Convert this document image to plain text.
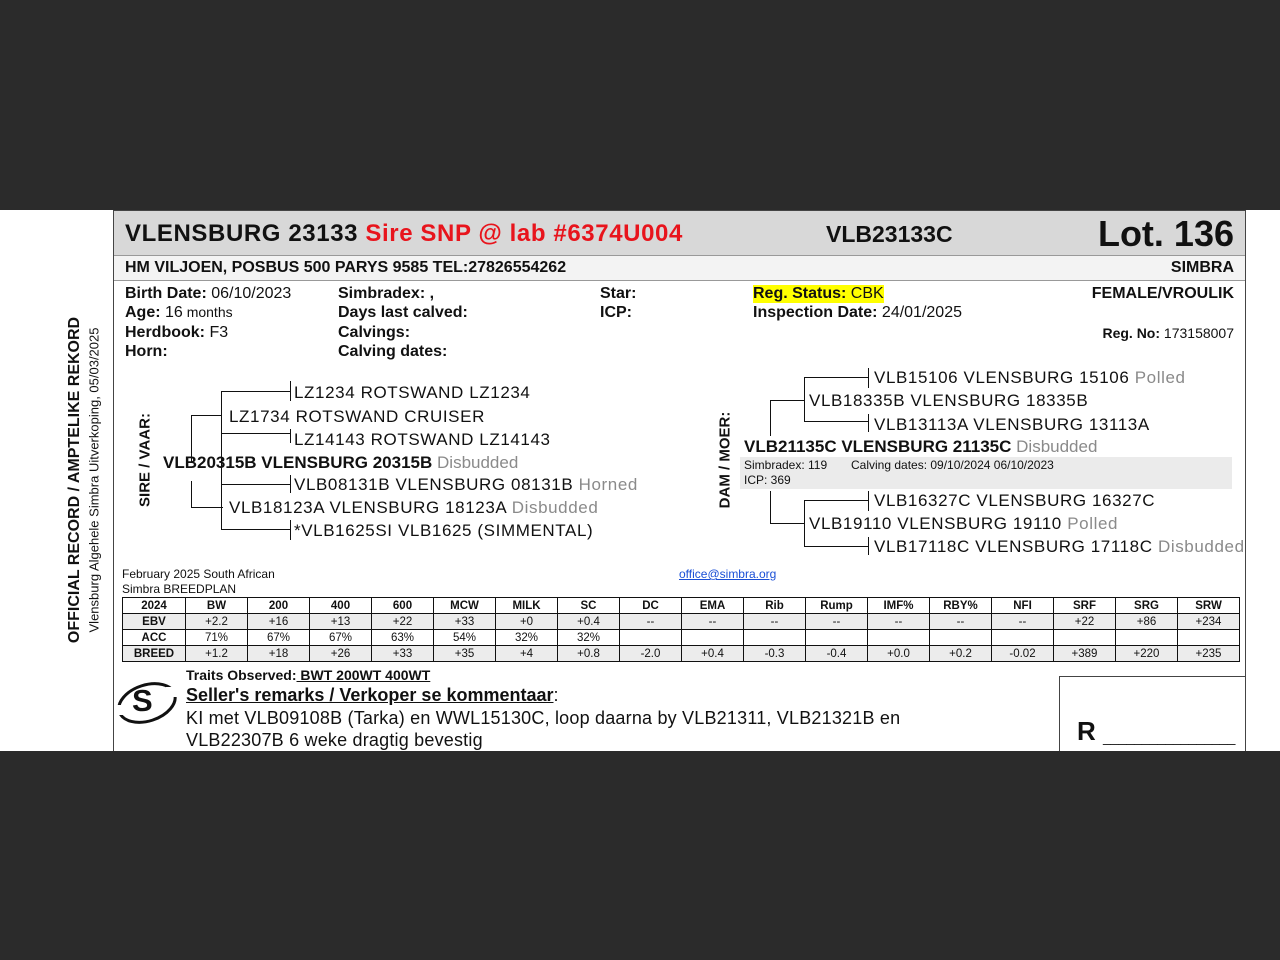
OFFICIAL RECORD / AMPTELIKE REKORD Vlensburg Algehele Simbra Uitverkoping, 05/03/2025
VLENSBURG 23133 Sire SNP @ lab #6374U004	VLB23133C	Lot. 136
HM VILJOEN, POSBUS 500 PARYS 9585 TEL:27826554262	SIMBRA
Birth Date: 06/10/2023
Age: 16 months
Herdbook: F3
Horn:
Simbradex: ,
Days last calved:
Calvings:
Calving dates:
Star:
ICP:
Reg. Status: CBK
Inspection Date: 24/01/2025
FEMALE/VROULIK
Reg. No: 173158007
SIRE / VAAR:
LZ1234 ROTSWAND LZ1234
LZ1734 ROTSWAND CRUISER
LZ14143 ROTSWAND LZ14143
VLB20315B VLENSBURG 20315B Disbudded
VLB08131B VLENSBURG 08131B Horned
VLB18123A VLENSBURG 18123A Disbudded
*VLB1625SI VLB1625 (SIMMENTAL)
DAM / MOER:
VLB15106 VLENSBURG 15106 Polled
VLB18335B VLENSBURG 18335B
VLB13113A VLENSBURG 13113A
VLB21135C VLENSBURG 21135C Disbudded
Simbradex: 119 Calving dates: 09/10/2024 06/10/2023
ICP: 369
VLB16327C VLENSBURG 16327C
VLB19110 VLENSBURG 19110 Polled
VLB17118C VLENSBURG 17118C Disbudded
February 2025 South African
Simbra BREEDPLAN
office@simbra.org
2024	BW	200	400	600	MCW	MILK	SC	DC	EMA	Rib	Rump	IMF%	RBY%	NFI	SRF	SRG	SRW
EBV	+2.2	+16	+13	+22	+33	+0	+0.4	--	--	--	--	--	--	--	+22	+86	+234
ACC	71%	67%	67%	63%	54%	32%	32%										
BREED	+1.2	+18	+26	+33	+35	+4	+0.8	-2.0	+0.4	-0.3	-0.4	+0.0	+0.2	-0.02	+389	+220	+235
Traits Observed: BWT 200WT 400WT
S Seller's remarks / Verkoper se kommentaar:
KI met VLB09108B (Tarka) en WWL15130C, loop daarna by VLB21311, VLB21321B en
VLB22307B 6 weke dragtig bevestig	R _________________
